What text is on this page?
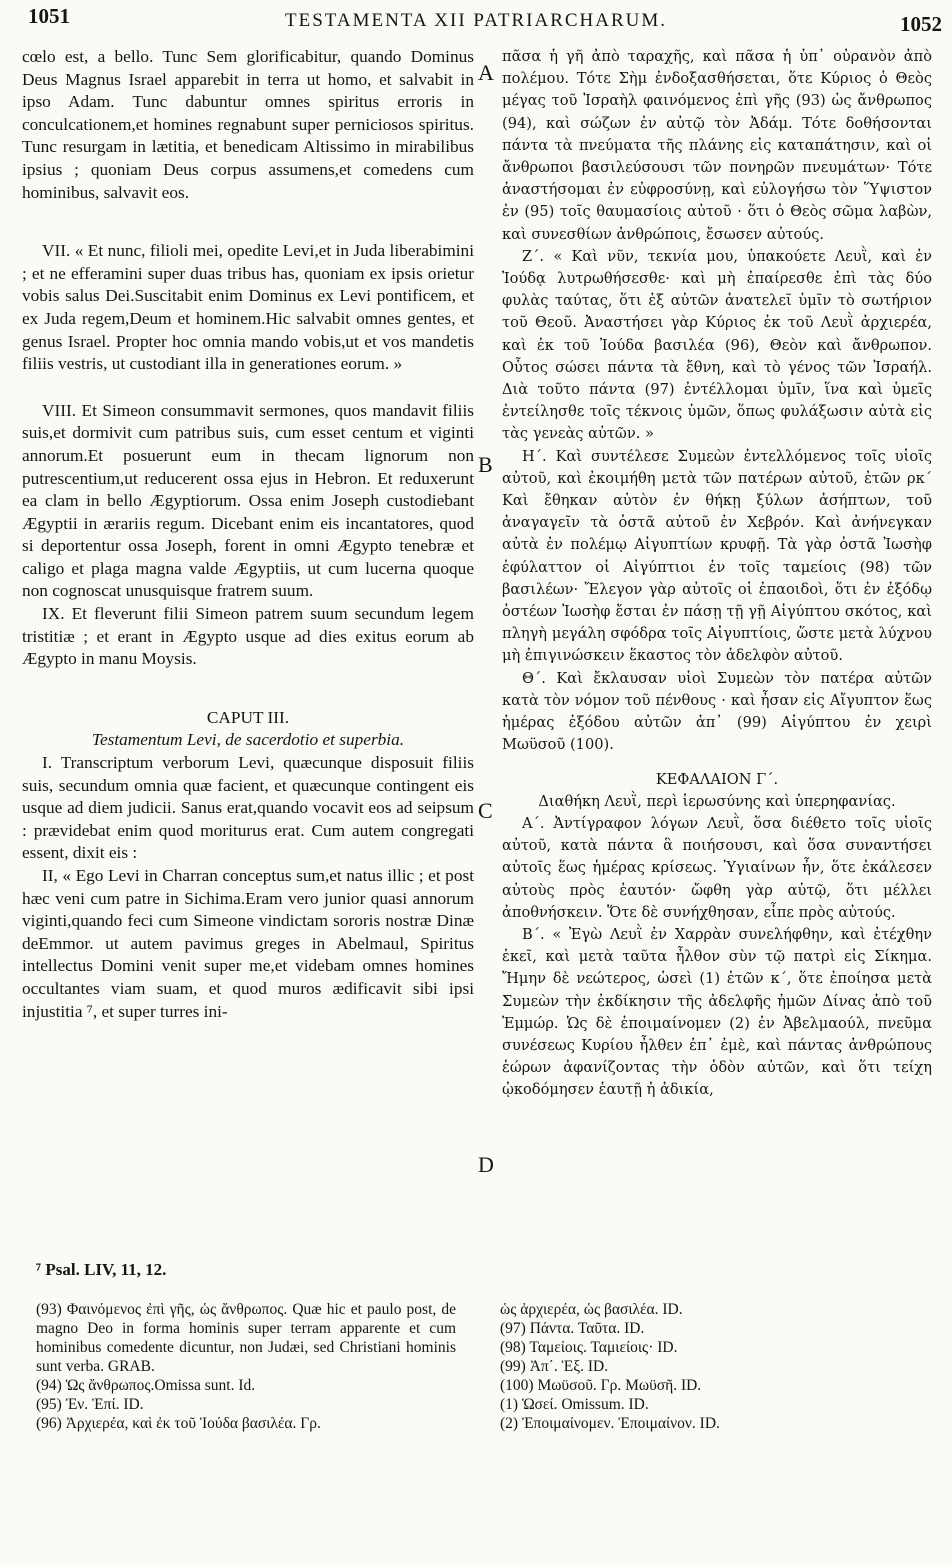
1051	TESTAMENTA XII PATRIARCHARUM.	1052

cœlo est, a bello. Tunc Sem glorificabitur, quando Dominus Deus Magnus Israel apparebit in terra ut homo, et salvabit in ipso Adam. Tunc dabuntur omnes spiritus erroris in conculcationem,et homines regnabunt super perniciosos spiritus. Tunc resurgam in lætitia, et benedicam Altissimo in mirabilibus ipsius ; quoniam Deus corpus assumens,et comedens cum hominibus, salvavit eos.

VII. « Et nunc, filioli mei, opedite Levi,et in Juda liberabimini ; et ne efferamini super duas tribus has, quoniam ex ipsis orietur vobis salus Dei.Suscitabit enim Dominus ex Levi pontificem, et ex Juda regem,Deum et hominem.Hic salvabit omnes gentes, et genus Israel. Propter hoc omnia mando vobis,ut et vos mandetis filiis vestris, ut custodiant illa in generationes eorum. »

VIII. Et Simeon consummavit sermones, quos mandavit filiis suis,et dormivit cum patribus suis, cum esset centum et viginti annorum.Et posuerunt eum in thecam lignorum non putrescentium,ut reducerent ossa ejus in Hebron. Et reduxerunt ea clam in bello Ægyptiorum. Ossa enim Joseph custodiebant Ægyptii in ærariis regum. Dicebant enim eis incantatores, quod si deportentur ossa Joseph, forent in omni Ægypto tenebræ et caligo et plaga magna valde Ægyptiis, ut cum lucerna quoque non cognoscat unusquisque fratrem suum.

IX. Et fleverunt filii Simeon patrem suum secundum legem tristitiæ ; et erant in Ægypto usque ad dies exitus eorum ab Ægypto in manu Moysis.

CAPUT III.

Testamentum Levi, de sacerdotio et superbia.

I. Transcriptum verborum Levi, quæcunque disposuit filiis suis, secundum omnia quæ facient, et quæcunque contingent eis usque ad diem judicii. Sanus erat,quando vocavit eos ad seipsum : prævidebat enim quod moriturus erat. Cum autem congregati essent, dixit eis :

II, « Ego Levi in Charran conceptus sum,et natus illic ; et post hæc veni cum patre in Sichima.Eram vero junior quasi annorum viginti,quando feci cum Simeone vindictam sororis nostræ Dinæ deEmmor. ut autem pavimus greges in Abelmaul, Spiritus intellectus Domini venit super me,et videbam omnes homines occultantes viam suam, et quod muros ædificavit sibi ipsi injustitia ⁷, et super turres ini-

A
B
C
D

πᾶσα ἡ γῆ ἀπὸ ταραχῆς, καὶ πᾶσα ἡ ὑπ᾽ οὐρανὸν ἀπὸ πολέμου. Τότε Σὴμ ἐνδοξασθήσεται, ὅτε Κύριος ὁ Θεὸς μέγας τοῦ Ἰσραὴλ φαινόμενος ἐπὶ γῆς (93) ὡς ἄνθρωπος (94), καὶ σώζων ἐν αὐτῷ τὸν Ἀδάμ. Τότε δοθήσονται πάντα τὰ πνεύματα τῆς πλάνης εἰς καταπάτησιν, καὶ οἱ ἄνθρωποι βασιλεύσουσι τῶν πονηρῶν πνευμάτων· Τότε ἀναστήσομαι ἐν εὐφροσύνῃ, καὶ εὐλογήσω τὸν Ὕψιστον ἐν (95) τοῖς θαυμασίοις αὐτοῦ · ὅτι ὁ Θεὸς σῶμα λαβὼν, καὶ συνεσθίων ἀνθρώποις, ἔσωσεν αὐτούς.

Ζ΄. « Καὶ νῦν, τεκνία μου, ὑπακούετε Λευῒ, καὶ ἐν Ἰούδᾳ λυτρωθήσεσθε· καὶ μὴ ἐπαίρεσθε ἐπὶ τὰς δύο φυλὰς ταύτας, ὅτι ἐξ αὐτῶν ἀνατελεῖ ὑμῖν τὸ σωτήριον τοῦ Θεοῦ. Ἀναστήσει γὰρ Κύριος ἐκ τοῦ Λευῒ ἀρχιερέα, καὶ ἐκ τοῦ Ἰούδα βασιλέα (96), Θεὸν καὶ ἄνθρωπον. Οὗτος σώσει πάντα τὰ ἔθνη, καὶ τὸ γένος τῶν Ἰσραήλ. Διὰ τοῦτο πάντα (97) ἐντέλλομαι ὑμῖν, ἵνα καὶ ὑμεῖς ἐντείλησθε τοῖς τέκνοις ὑμῶν, ὅπως φυλάξωσιν αὐτὰ εἰς τὰς γενεὰς αὐτῶν. »

Η΄. Καὶ συντέλεσε Συμεὼν ἐντελλόμενος τοῖς υἱοῖς αὐτοῦ, καὶ ἐκοιμήθη μετὰ τῶν πατέρων αὐτοῦ, ἐτῶν ρκ΄ Καὶ ἔθηκαν αὐτὸν ἐν θήκῃ ξύλων ἀσήπτων, τοῦ ἀναγαγεῖν τὰ ὀστᾶ αὐτοῦ ἐν Χεβρόν. Καὶ ἀνήνεγκαν αὐτὰ ἐν πολέμῳ Αἰγυπτίων κρυφῇ. Τὰ γὰρ ὀστᾶ Ἰωσὴφ ἐφύλαττον οἱ Αἰγύπτιοι ἐν τοῖς ταμείοις (98) τῶν βασιλέων· Ἔλεγον γὰρ αὐτοῖς οἱ ἐπαοιδοὶ, ὅτι ἐν ἐξόδῳ ὀστέων Ἰωσὴφ ἔσται ἐν πάσῃ τῇ γῇ Αἰγύπτου σκότος, καὶ πληγὴ μεγάλη σφόδρα τοῖς Αἰγυπτίοις, ὥστε μετὰ λύχνου μὴ ἐπιγινώσκειν ἕκαστος τὸν ἀδελφὸν αὐτοῦ.

Θ΄. Καὶ ἔκλαυσαν υἱοὶ Συμεὼν τὸν πατέρα αὐτῶν κατὰ τὸν νόμον τοῦ πένθους · καὶ ἦσαν εἰς Αἴγυπτον ἕως ἡμέρας ἐξόδου αὐτῶν ἀπ᾽ (99) Αἰγύπτου ἐν χειρὶ Μωϋσοῦ (100).

ΚΕΦΑΛΑΙΟΝ Γ΄.

Διαθήκη Λευῒ, περὶ ἱερωσύνης καὶ ὑπερηφανίας.

Α΄. Ἀντίγραφον λόγων Λευῒ, ὅσα διέθετο τοῖς υἱοῖς αὐτοῦ, κατὰ πάντα ἃ ποιήσουσι, καὶ ὅσα συναντήσει αὐτοῖς ἕως ἡμέρας κρίσεως. Ὑγιαίνων ἦν, ὅτε ἐκάλεσεν αὐτοὺς πρὸς ἑαυτόν· ὤφθη γὰρ αὐτῷ, ὅτι μέλλει ἀποθνήσκειν. Ὅτε δὲ συνήχθησαν, εἶπε πρὸς αὐτούς.

Β΄. « Ἐγὼ Λευῒ ἐν Χαρρὰν συνελήφθην, καὶ ἐτέχθην ἐκεῖ, καὶ μετὰ ταῦτα ἦλθον σὺν τῷ πατρὶ εἰς Σίκημα. Ἤμην δὲ νεώτερος, ὡσεὶ (1) ἐτῶν κ΄, ὅτε ἐποίησα μετὰ Συμεὼν τὴν ἐκδίκησιν τῆς ἀδελφῆς ἡμῶν Δίνας ἀπὸ τοῦ Ἐμμώρ. Ὡς δὲ ἐποιμαίνομεν (2) ἐν Ἀβελμαούλ, πνεῦμα συνέσεως Κυρίου ἦλθεν ἐπ᾽ ἐμὲ, καὶ πάντας ἀνθρώπους ἑώρων ἀφανίζοντας τὴν ὁδὸν αὐτῶν, καὶ ὅτι τείχη ᾠκοδόμησεν ἑαυτῇ ἡ ἀδικία,

⁷ Psal. LIV, 11, 12.

(93) Φαινόμενος ἐπὶ γῆς, ὡς ἄνθρωπος. Quæ hic et paulo post, de magno Deo in forma hominis super terram apparente et cum hominibus comedente dicuntur, non Judæi, sed Christiani hominis sunt verba. GRAB.

(94) Ὡς ἄνθρωπος.Omissa sunt. Id.

(95) Ἐν. Ἐπί. ID.

(96) Ἀρχιερέα, καὶ ἐκ τοῦ Ἰούδα βασιλέα. Γρ.

ὡς ἀρχιερέα, ὡς βασιλέα. ID.

(97) Πάντα. Ταῦτα. ID.

(98) Ταμείοις. Ταμιείοις· ID.

(99) Ἀπ΄. Ἐξ. ID.

(100) Μωϋσοῦ. Γρ. Μωϋσῆ. ID.

(1) Ὡσεί. Omissum. ID.

(2) Ἐποιμαίνομεν. Ἐποιμαίνον. ID.
